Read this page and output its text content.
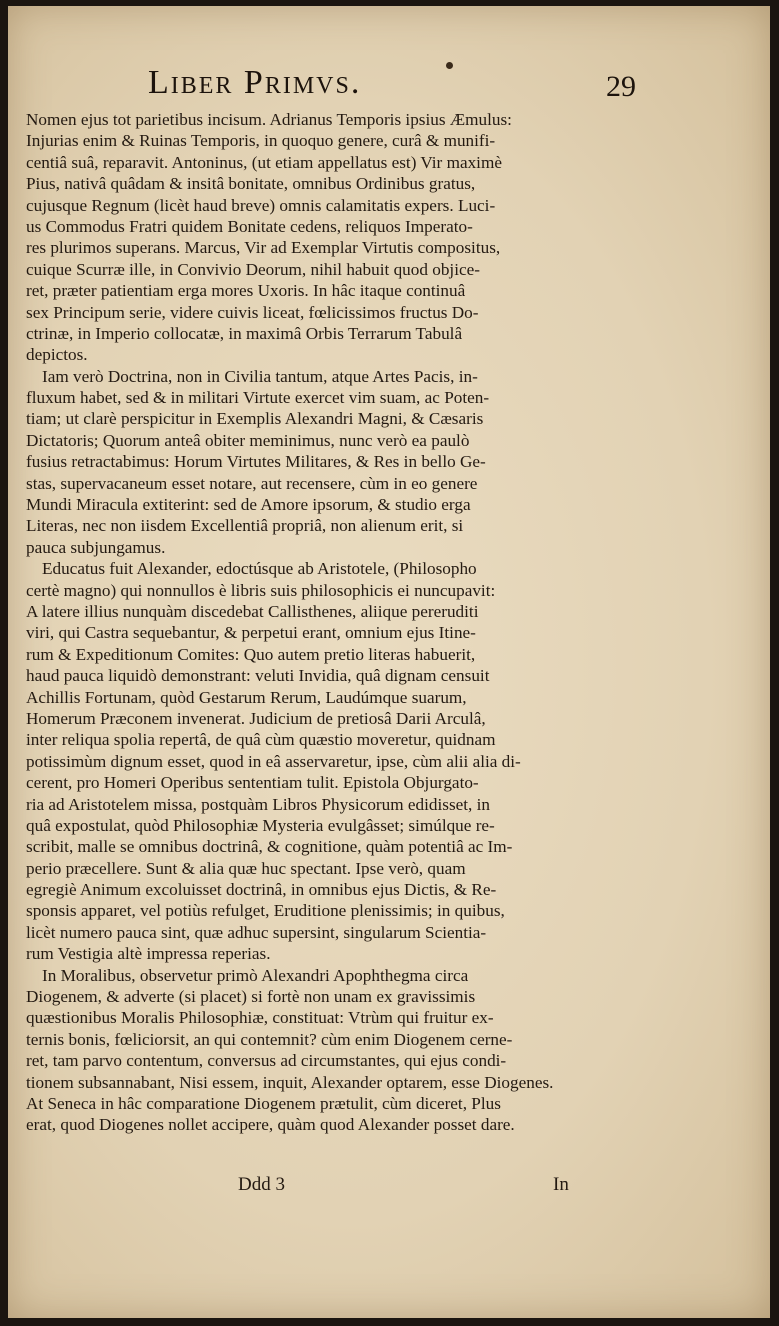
Liber Primvs.	29
Nomen ejus tot parietibus incisum. Adrianus Temporis ipsius Æmulus:
Injurias enim & Ruinas Temporis, in quoquo genere, curâ & munifi-
centiâ suâ, reparavit. Antoninus, (ut etiam appellatus est) Vir maximè
Pius, nativâ quâdam & insitâ bonitate, omnibus Ordinibus gratus,
cujusque Regnum (licèt haud breve) omnis calamitatis expers. Luci-
us Commodus Fratri quidem Bonitate cedens, reliquos Imperato-
res plurimos superans. Marcus, Vir ad Exemplar Virtutis compositus,
cuique Scurræ ille, in Convivio Deorum, nihil habuit quod objice-
ret, præter patientiam erga mores Uxoris. In hâc itaque continuâ
sex Principum serie, videre cuivis liceat, fœlicissimos fructus Do-
ctrinæ, in Imperio collocatæ, in maximâ Orbis Terrarum Tabulâ
depictos.
Iam verò Doctrina, non in Civilia tantum, atque Artes Pacis, in-
fluxum habet, sed & in militari Virtute exercet vim suam, ac Poten-
tiam; ut clarè perspicitur in Exemplis Alexandri Magni, & Cæsaris
Dictatoris; Quorum anteâ obiter meminimus, nunc verò ea paulò
fusius retractabimus: Horum Virtutes Militares, & Res in bello Ge-
stas, supervacaneum esset notare, aut recensere, cùm in eo genere
Mundi Miracula extiterint: sed de Amore ipsorum, & studio erga
Literas, nec non iisdem Excellentiâ propriâ, non alienum erit, si
pauca subjungamus.
Educatus fuit Alexander, edoctúsque ab Aristotele, (Philosopho
certè magno) qui nonnullos è libris suis philosophicis ei nuncupavit:
A latere illius nunquàm discedebat Callisthenes, aliique pereruditi
viri, qui Castra sequebantur, & perpetui erant, omnium ejus Itine-
rum & Expeditionum Comites: Quo autem pretio literas habuerit,
haud pauca liquidò demonstrant: veluti Invidia, quâ dignam censuit
Achillis Fortunam, quòd Gestarum Rerum, Laudúmque suarum,
Homerum Præconem invenerat. Judicium de pretiosâ Darii Arculâ,
inter reliqua spolia repertâ, de quâ cùm quæstio moveretur, quidnam
potissimùm dignum esset, quod in eâ asservaretur, ipse, cùm alii alia di-
cerent, pro Homeri Operibus sententiam tulit. Epistola Objurgato-
ria ad Aristotelem missa, postquàm Libros Physicorum edidisset, in
quâ expostulat, quòd Philosophiæ Mysteria evulgâsset; simúlque re-
scribit, malle se omnibus doctrinâ, & cognitione, quàm potentiâ ac Im-
perio præcellere. Sunt & alia quæ huc spectant. Ipse verò, quam
egregiè Animum excoluisset doctrinâ, in omnibus ejus Dictis, & Re-
sponsis apparet, vel potiùs refulget, Eruditione plenissimis; in quibus,
licèt numero pauca sint, quæ adhuc supersint, singularum Scientia-
rum Vestigia altè impressa reperias.
In Moralibus, observetur primò Alexandri Apophthegma circa
Diogenem, & adverte (si placet) si fortè non unam ex gravissimis
quæstionibus Moralis Philosophiæ, constituat: Vtrùm qui fruitur ex-
ternis bonis, fœliciorsit, an qui contemnit? cùm enim Diogenem cerne-
ret, tam parvo contentum, conversus ad circumstantes, qui ejus condi-
tionem subsannabant, Nisi essem, inquit, Alexander optarem, esse Diogenes.
At Seneca in hâc comparatione Diogenem prætulit, cùm diceret, Plus
erat, quod Diogenes nollet accipere, quàm quod Alexander posset dare.
Ddd 3	In
